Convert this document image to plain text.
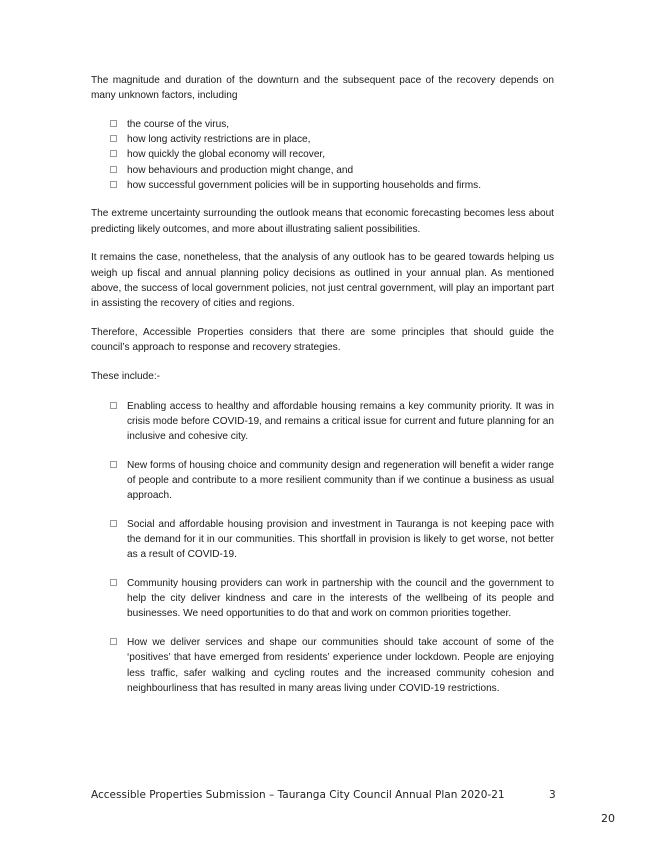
The magnitude and duration of the downturn and the subsequent pace of the recovery depends on many unknown factors, including

the course of the virus,
how long activity restrictions are in place,
how quickly the global economy will recover,
how behaviours and production might change, and
how successful government policies will be in supporting households and firms.

The extreme uncertainty surrounding the outlook means that economic forecasting becomes less about predicting likely outcomes, and more about illustrating salient possibilities.

It remains the case, nonetheless, that the analysis of any outlook has to be geared towards helping us weigh up fiscal and annual planning policy decisions as outlined in your annual plan. As mentioned above, the success of local government policies, not just central government, will play an important part in assisting the recovery of cities and regions.

Therefore, Accessible Properties considers that there are some principles that should guide the council’s approach to response and recovery strategies.

These include:-

Enabling access to healthy and affordable housing remains a key community priority. It was in crisis mode before COVID-19, and remains a critical issue for current and future planning for an inclusive and cohesive city.
New forms of housing choice and community design and regeneration will benefit a wider range of people and contribute to a more resilient community than if we continue a business as usual approach.
Social and affordable housing provision and investment in Tauranga is not keeping pace with the demand for it in our communities. This shortfall in provision is likely to get worse, not better as a result of COVID-19.
Community housing providers can work in partnership with the council and the government to help the city deliver kindness and care in the interests of the wellbeing of its people and businesses. We need opportunities to do that and work on common priorities together.
How we deliver services and shape our communities should take account of some of the ‘positives’ that have emerged from residents’ experience under lockdown. People are enjoying less traffic, safer walking and cycling routes and the increased community cohesion and neighbourliness that has resulted in many areas living under COVID-19 restrictions.
Accessible Properties Submission – Tauranga City Council Annual Plan 2020-21	3
20
